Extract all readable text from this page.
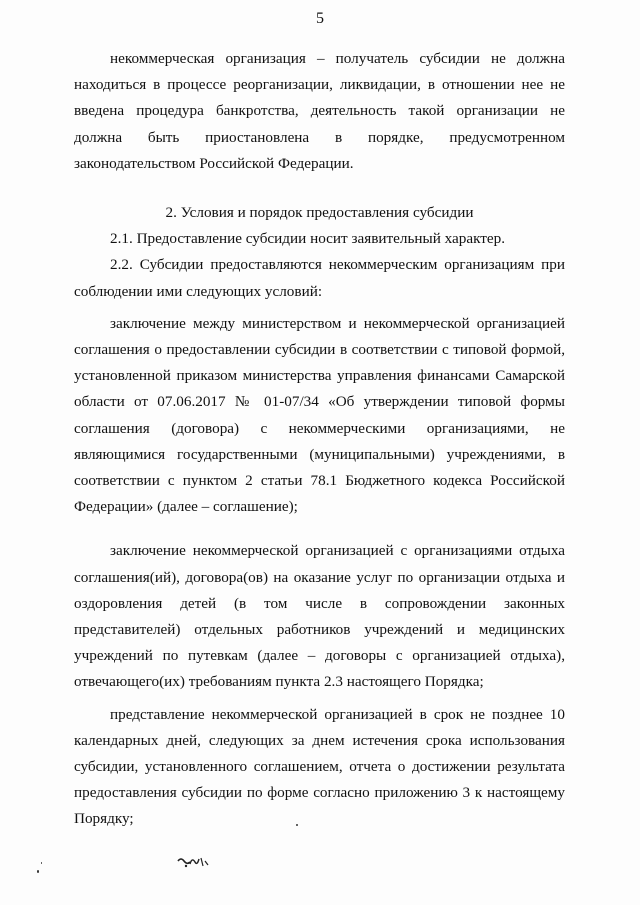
5

некоммерческая организация – получатель субсидии не должна находиться в процессе реорганизации, ликвидации, в отношении нее не введена процедура банкротства, деятельность такой организации не должна быть приостановлена в порядке, предусмотренном законодательством Российской Федерации.

2. Условия и порядок предоставления субсидии

2.1. Предоставление субсидии носит заявительный характер.

2.2. Субсидии предоставляются некоммерческим организациям при соблюдении ими следующих условий:

заключение между министерством и некоммерческой организацией соглашения о предоставлении субсидии в соответствии с типовой формой, установленной приказом министерства управления финансами Самарской области от 07.06.2017 № 01-07/34 «Об утверждении типовой формы соглашения (договора) с некоммерческими организациями, не являющимися государственными (муниципальными) учреждениями, в соответствии с пунктом 2 статьи 78.1 Бюджетного кодекса Российской Федерации» (далее – соглашение);

заключение некоммерческой организацией с организациями отдыха соглашения(ий), договора(ов) на оказание услуг по организации отдыха и оздоровления детей (в том числе в сопровождении законных представителей) отдельных работников учреждений и медицинских учреждений по путевкам (далее – договоры с организацией отдыха), отвечающего(их) требованиям пункта 2.3 настоящего Порядка;

представление некоммерческой организацией в срок не позднее 10 календарных дней, следующих за днем истечения срока использования субсидии, установленного соглашением, отчета о достижении результата предоставления субсидии по форме согласно приложению 3 к настоящему Порядку;
